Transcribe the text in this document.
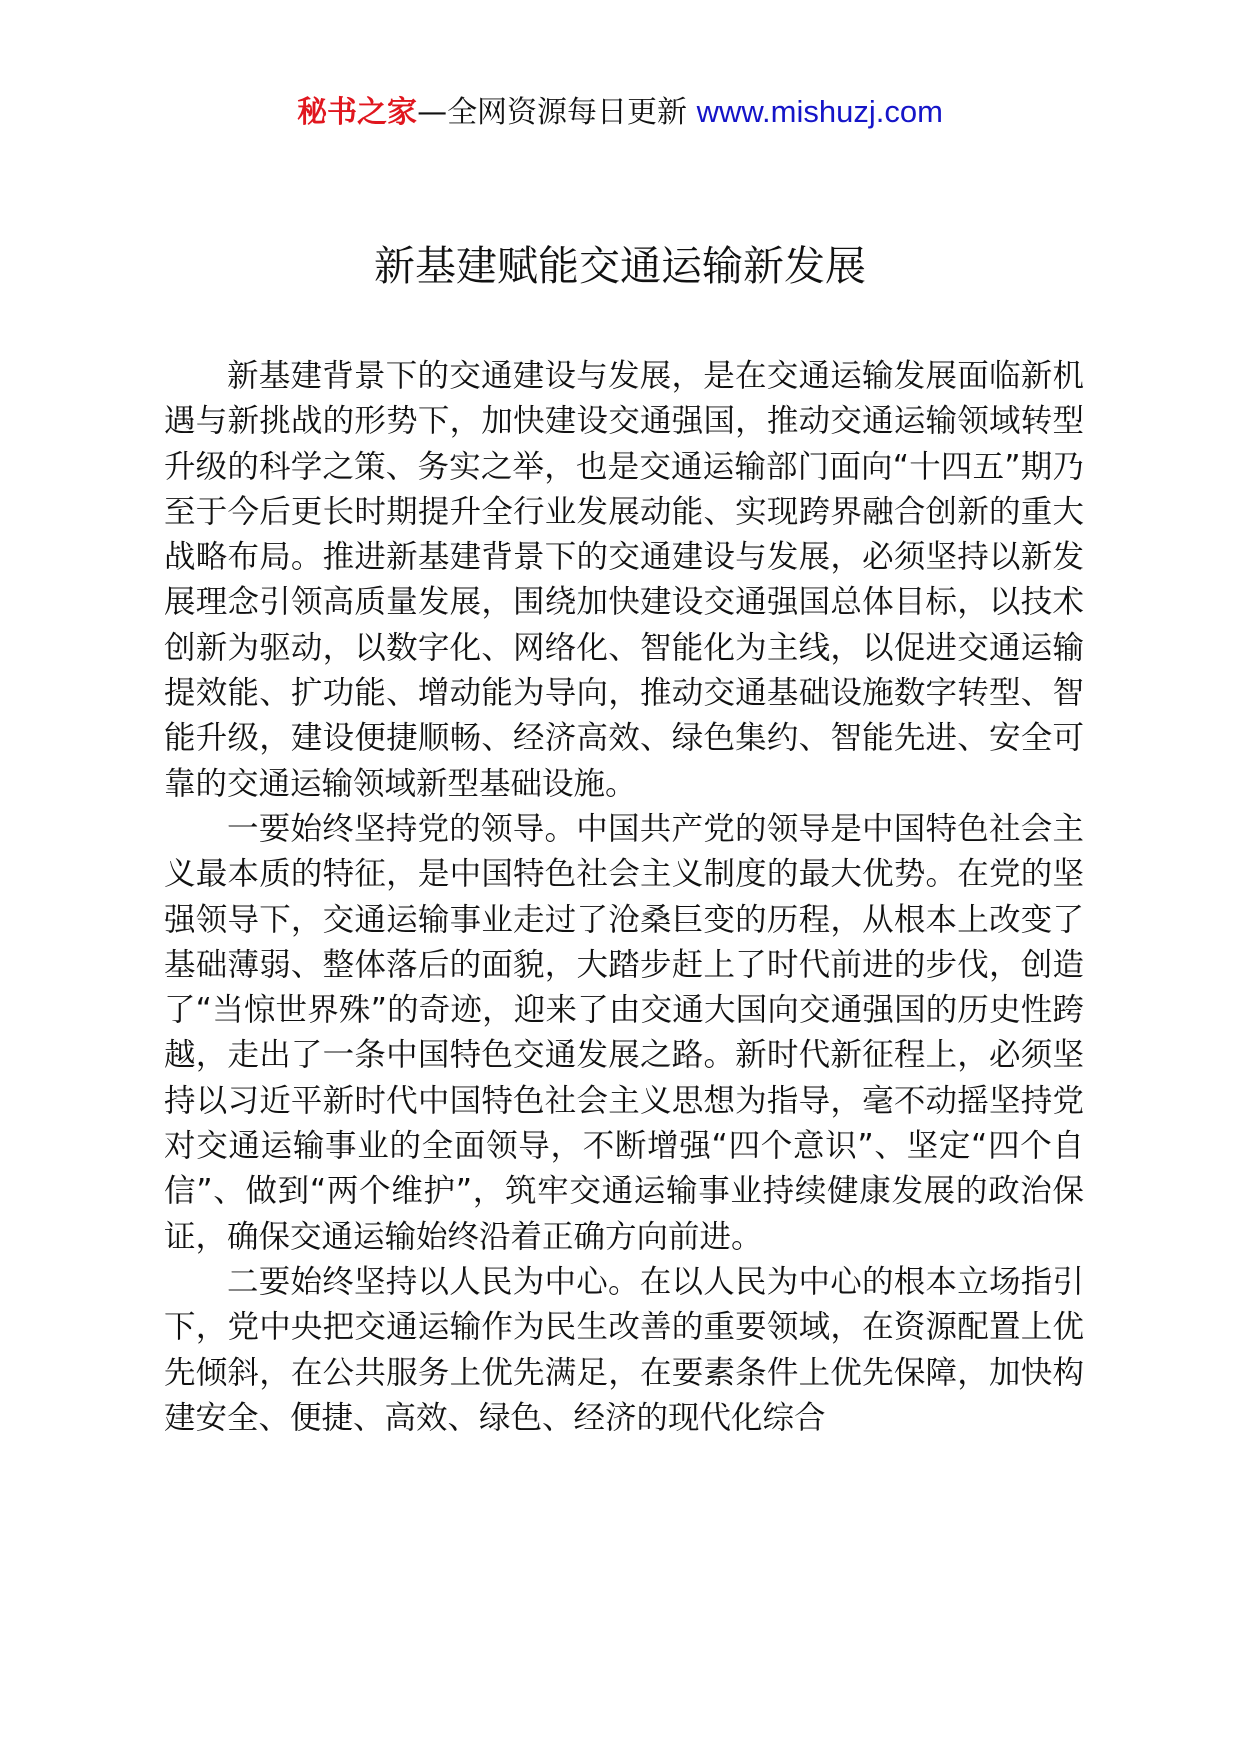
秘书之家—全网资源每日更新 www.mishuzj.com
新基建赋能交通运输新发展

新基建背景下的交通建设与发展，是在交通运输发展面临新机遇与新挑战的形势下，加快建设交通强国，推动交通运输领域转型升级的科学之策、务实之举，也是交通运输部门面向“十四五”期乃至于今后更长时期提升全行业发展动能、实现跨界融合创新的重大战略布局。推进新基建背景下的交通建设与发展，必须坚持以新发展理念引领高质量发展，围绕加快建设交通强国总体目标，以技术创新为驱动，以数字化、网络化、智能化为主线，以促进交通运输提效能、扩功能、增动能为导向，推动交通基础设施数字转型、智能升级，建设便捷顺畅、经济高效、绿色集约、智能先进、安全可靠的交通运输领域新型基础设施。

一要始终坚持党的领导。中国共产党的领导是中国特色社会主义最本质的特征，是中国特色社会主义制度的最大优势。在党的坚强领导下，交通运输事业走过了沧桑巨变的历程，从根本上改变了基础薄弱、整体落后的面貌，大踏步赶上了时代前进的步伐，创造了“当惊世界殊”的奇迹，迎来了由交通大国向交通强国的历史性跨越，走出了一条中国特色交通发展之路。新时代新征程上，必须坚持以习近平新时代中国特色社会主义思想为指导，毫不动摇坚持党对交通运输事业的全面领导，不断增强“四个意识”、坚定“四个自信”、做到“两个维护”，筑牢交通运输事业持续健康发展的政治保证，确保交通运输始终沿着正确方向前进。

二要始终坚持以人民为中心。在以人民为中心的根本立场指引下，党中央把交通运输作为民生改善的重要领域，在资源配置上优先倾斜，在公共服务上优先满足，在要素条件上优先保障，加快构建安全、便捷、高效、绿色、经济的现代化综合
